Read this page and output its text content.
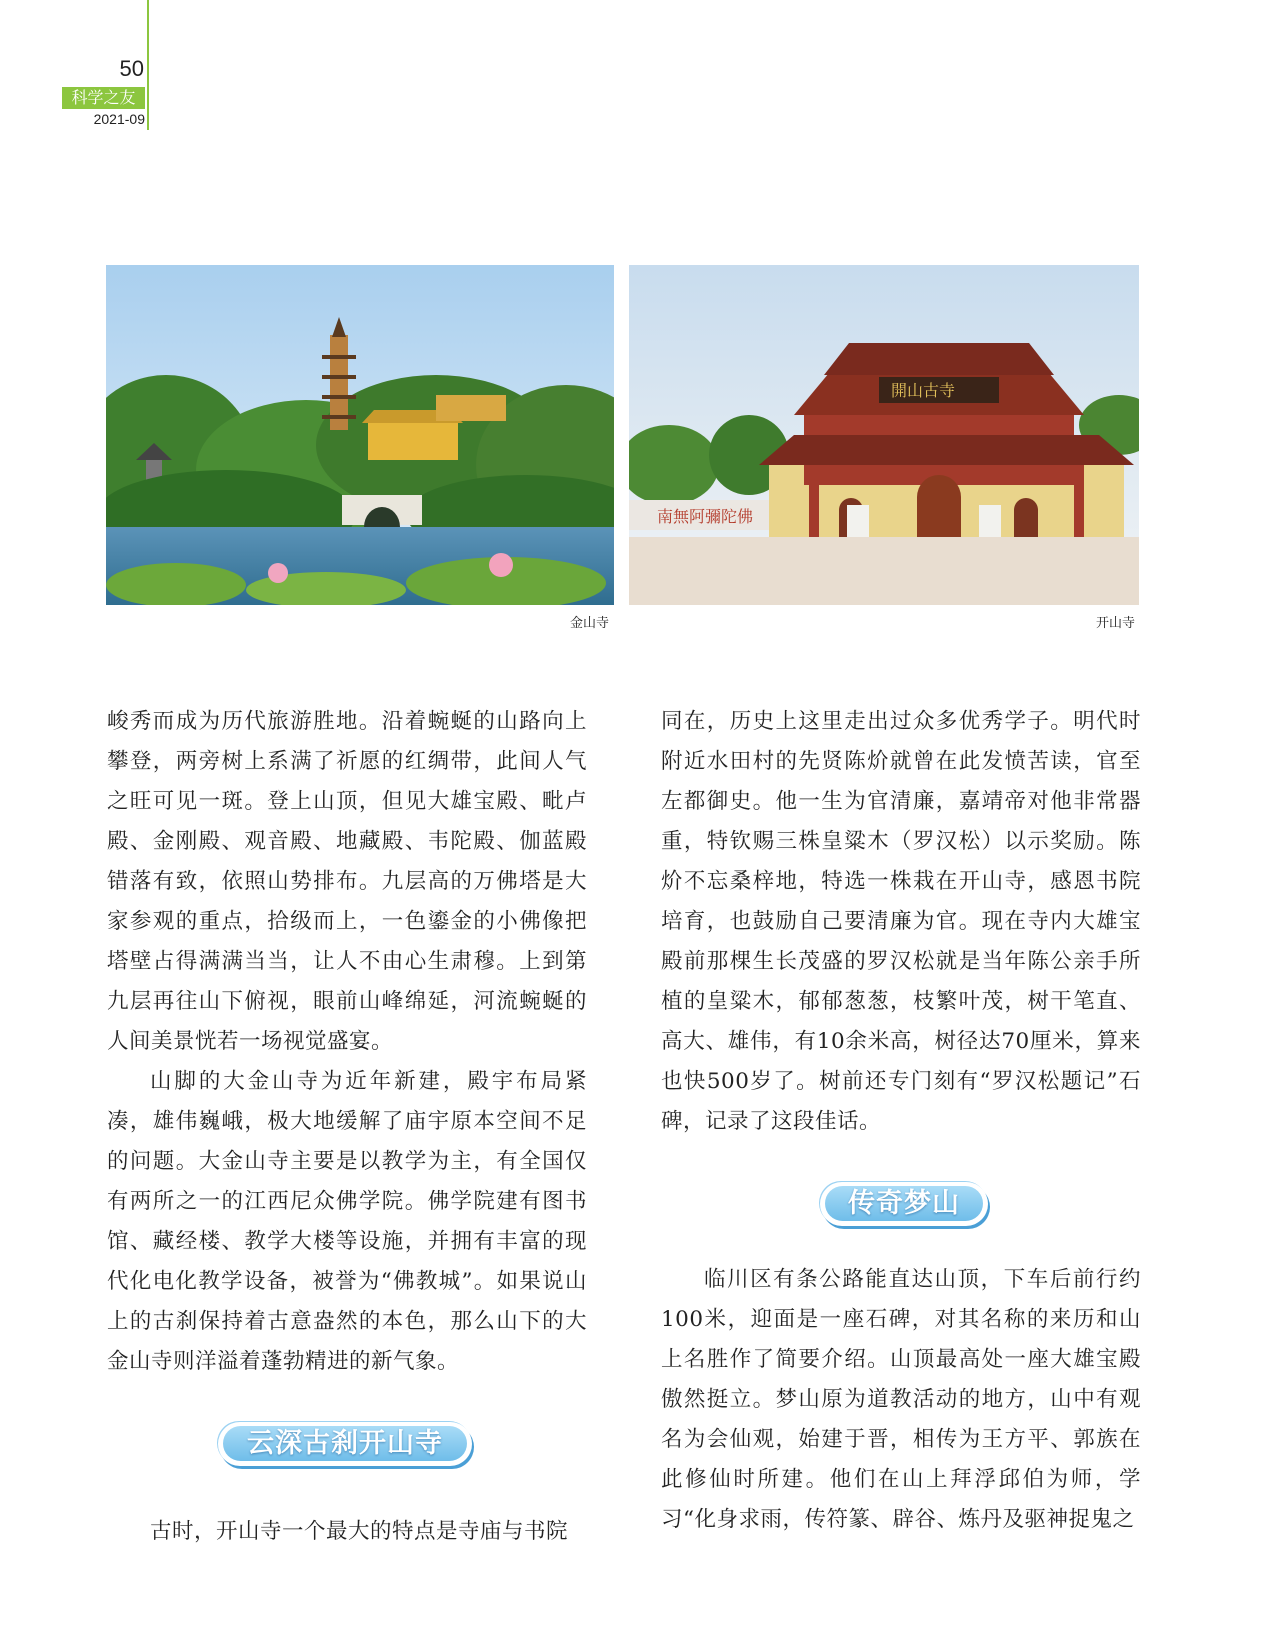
50
科学之友
2021-09
金山寺
南無阿彌陀佛
開山古寺
开山寺

峻秀而成为历代旅游胜地。沿着蜿蜒的山路向上攀登，两旁树上系满了祈愿的红绸带，此间人气之旺可见一斑。登上山顶，但见大雄宝殿、毗卢殿、金刚殿、观音殿、地藏殿、韦陀殿、伽蓝殿错落有致，依照山势排布。九层高的万佛塔是大家参观的重点，拾级而上，一色鎏金的小佛像把塔壁占得满满当当，让人不由心生肃穆。上到第九层再往山下俯视，眼前山峰绵延，河流蜿蜒的人间美景恍若一场视觉盛宴。

山脚的大金山寺为近年新建，殿宇布局紧凑，雄伟巍峨，极大地缓解了庙宇原本空间不足的问题。大金山寺主要是以教学为主，有全国仅有两所之一的江西尼众佛学院。佛学院建有图书馆、藏经楼、教学大楼等设施，并拥有丰富的现代化电化教学设备，被誉为“佛教城”。如果说山上的古刹保持着古意盎然的本色，那么山下的大金山寺则洋溢着蓬勃精进的新气象。

云深古刹开山寺

古时，开山寺一个最大的特点是寺庙与书院

同在，历史上这里走出过众多优秀学子。明代时附近水田村的先贤陈炌就曾在此发愤苦读，官至左都御史。他一生为官清廉，嘉靖帝对他非常器重，特钦赐三株皇粱木（罗汉松）以示奖励。陈炌不忘桑梓地，特选一株栽在开山寺，感恩书院培育，也鼓励自己要清廉为官。现在寺内大雄宝殿前那棵生长茂盛的罗汉松就是当年陈公亲手所植的皇粱木，郁郁葱葱，枝繁叶茂，树干笔直、高大、雄伟，有10余米高，树径达70厘米，算来也快500岁了。树前还专门刻有“罗汉松题记”石碑，记录了这段佳话。

传奇梦山

临川区有条公路能直达山顶，下车后前行约100米，迎面是一座石碑，对其名称的来历和山上名胜作了简要介绍。山顶最高处一座大雄宝殿傲然挺立。梦山原为道教活动的地方，山中有观名为会仙观，始建于晋，相传为王方平、郭族在此修仙时所建。他们在山上拜浮邱伯为师，学习“化身求雨，传符篆、辟谷、炼丹及驱神捉鬼之
